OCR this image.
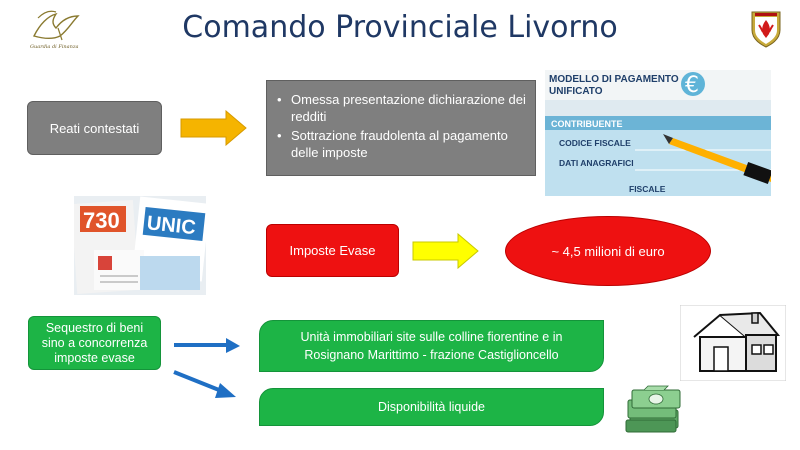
Guardia di Finanza
Comando Provinciale Livorno
Reati contestati
• Omessa presentazione dichiarazione dei redditi
• Sottrazione fraudolenta al pagamento delle imposte
MODELLO DI PAGAMENTO
UNIFICATO	€
CONTRIBUENTE
CODICE FISCALE
DATI ANAGRAFICI
FISCALE
730 UNIC
Imposte Evase	~ 4,5 milioni di euro
Sequestro di beni sino a concorrenza imposte evase
Unità immobiliari site sulle colline fiorentine e in Rosignano Marittimo - frazione Castiglioncello
Disponibilità liquide
